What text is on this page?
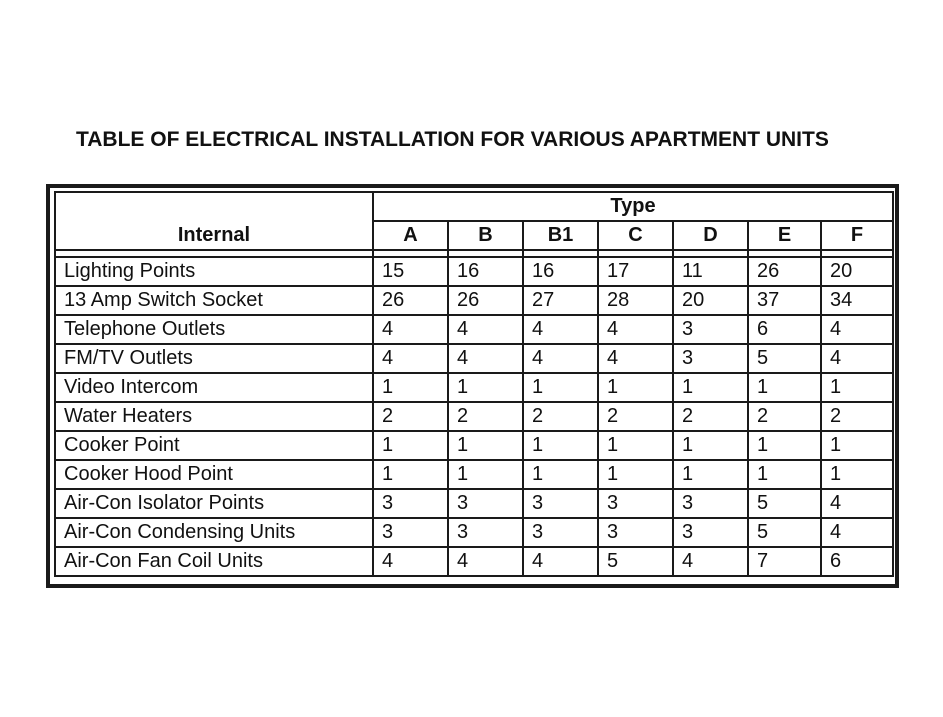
TABLE OF ELECTRICAL INSTALLATION FOR VARIOUS APARTMENT UNITS
Internal	Type						
	A	B	B1	C	D	E	F

Lighting Points	15	16	16	17	11	26	20
13 Amp Switch Socket	26	26	27	28	20	37	34
Telephone Outlets	4	4	4	4	3	6	4
FM/TV Outlets	4	4	4	4	3	5	4
Video Intercom	1	1	1	1	1	1	1
Water Heaters	2	2	2	2	2	2	2
Cooker Point	1	1	1	1	1	1	1
Cooker Hood Point	1	1	1	1	1	1	1
Air-Con Isolator Points	3	3	3	3	3	5	4
Air-Con Condensing Units	3	3	3	3	3	5	4
Air-Con Fan Coil Units	4	4	4	5	4	7	6
